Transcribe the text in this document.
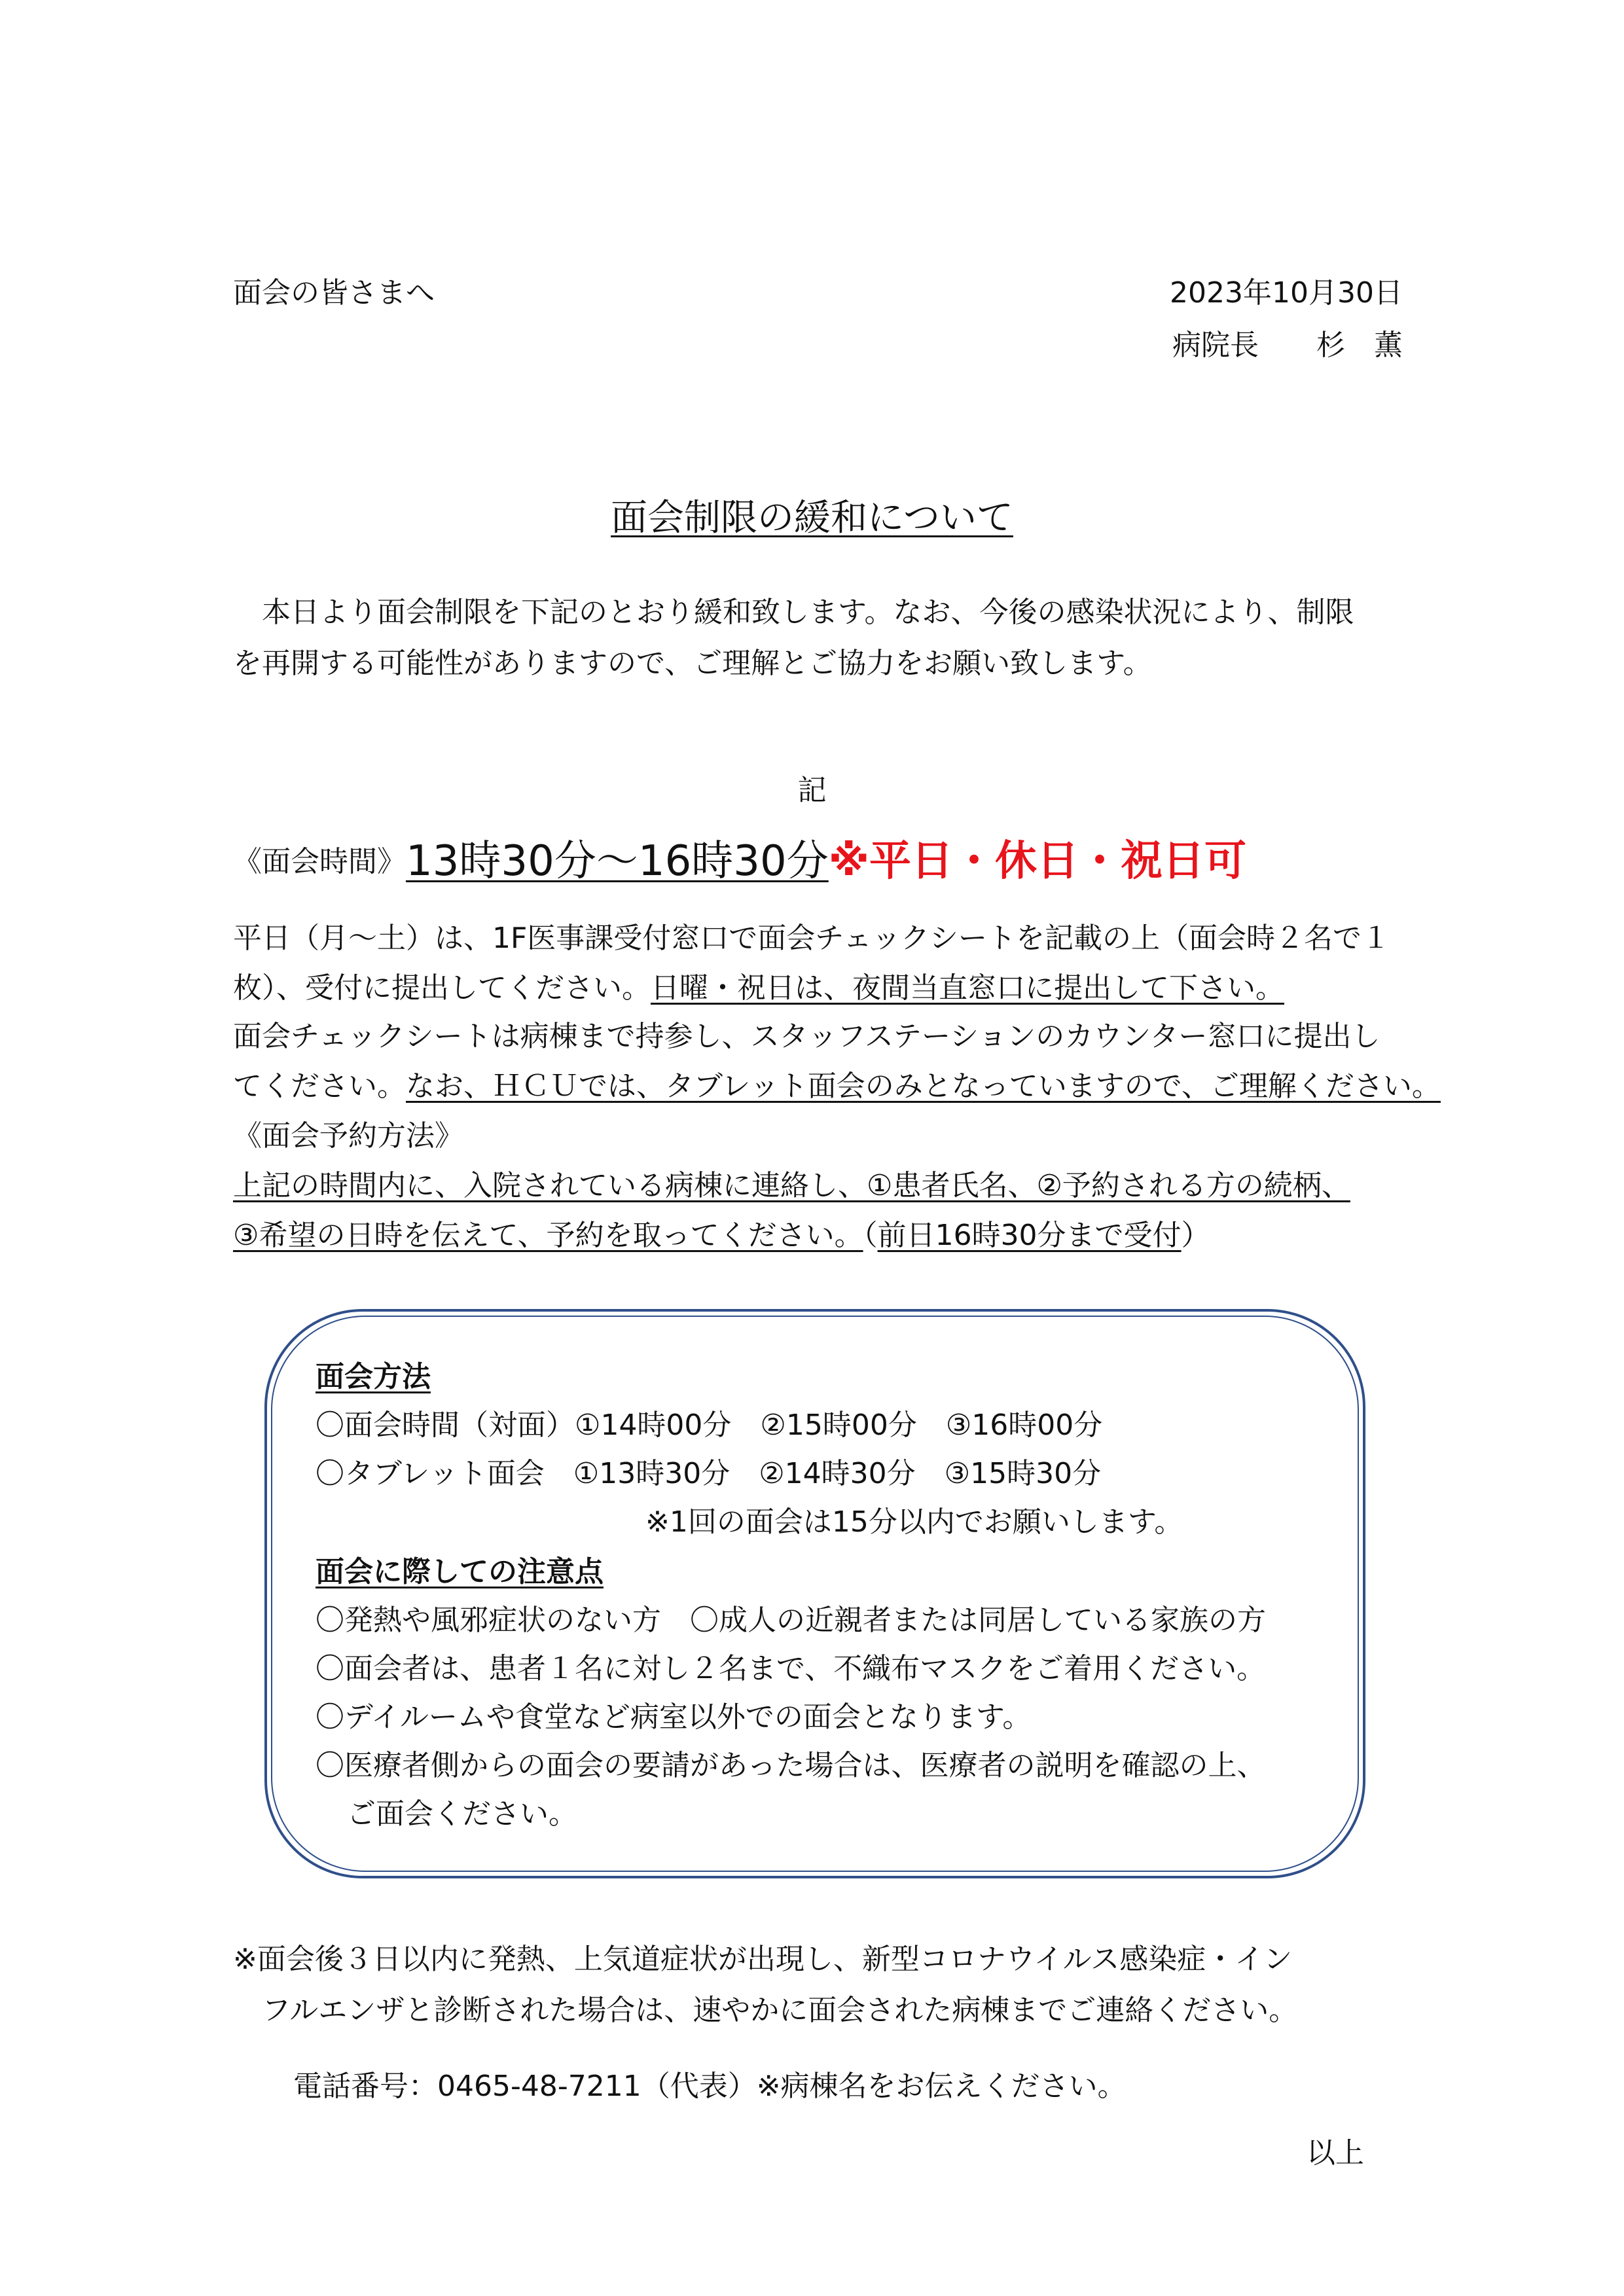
面会の皆さまへ	2023年10月30日
病院長　　杉　薫
面会制限の緩和について
本日より面会制限を下記のとおり緩和致します。なお、今後の感染状況により、制限
を再開する可能性がありますので、ご理解とご協力をお願い致します。
記
《面会時間》13時30分～16時30分※平日・休日・祝日可
平日（月～土）は、1F医事課受付窓口で面会チェックシートを記載の上（面会時２名で１
枚）、受付に提出してください。日曜・祝日は、夜間当直窓口に提出して下さい。
面会チェックシートは病棟まで持参し、スタッフステーションのカウンター窓口に提出し
てください。なお、ＨＣＵでは、タブレット面会のみとなっていますので、ご理解ください。
《面会予約方法》
上記の時間内に、入院されている病棟に連絡し、①患者氏名、②予約される方の続柄、
③希望の日時を伝えて、予約を取ってください。（前日16時30分まで受付）
面会方法
〇面会時間（対面）①14時00分　②15時00分　③16時00分
〇タブレット面会　①13時30分　②14時30分　③15時30分
※1回の面会は15分以内でお願いします。
面会に際しての注意点
〇発熱や風邪症状のない方　〇成人の近親者または同居している家族の方
〇面会者は、患者１名に対し２名まで、不織布マスクをご着用ください。
〇デイルームや食堂など病室以外での面会となります。
〇医療者側からの面会の要請があった場合は、医療者の説明を確認の上、
ご面会ください。
※面会後３日以内に発熱、上気道症状が出現し、新型コロナウイルス感染症・イン
フルエンザと診断された場合は、速やかに面会された病棟までご連絡ください。
電話番号：0465-48-7211（代表）※病棟名をお伝えください。
以上
